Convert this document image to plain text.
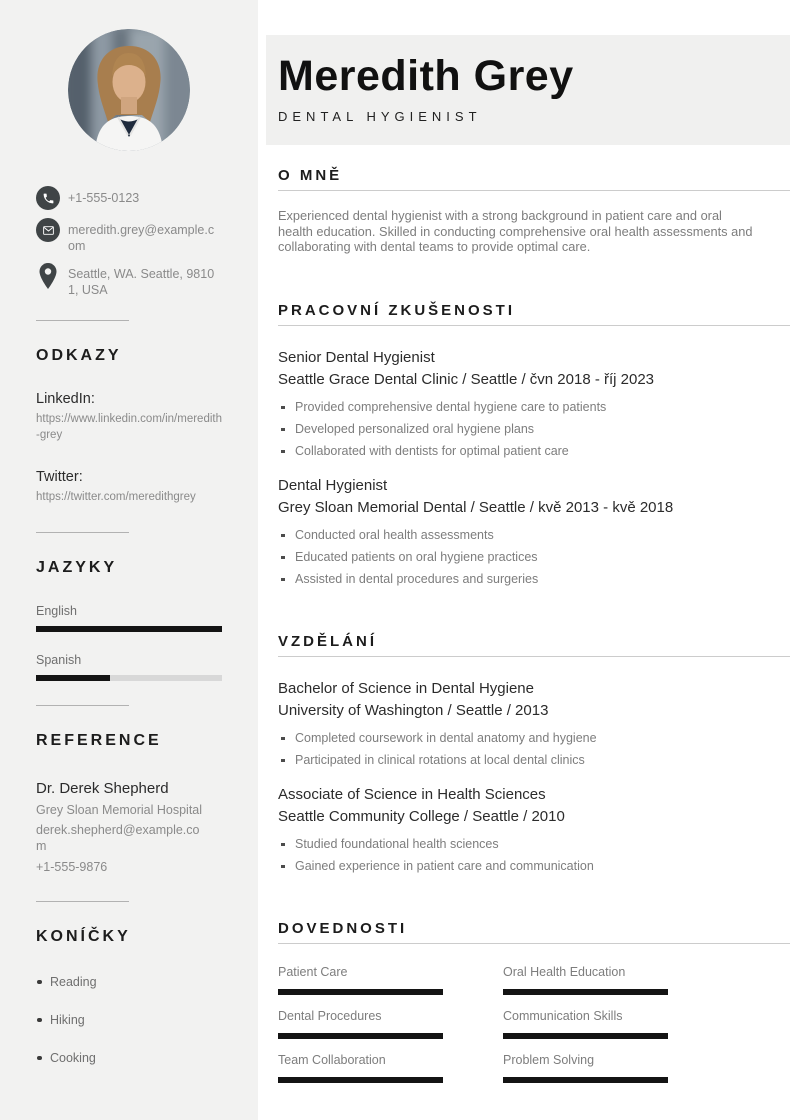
+1-555-0123
meredith.grey@example.com
Seattle, WA. Seattle, 98101, USA
ODKAZY
LinkedIn:
https://www.linkedin.com/in/meredith-grey
Twitter:
https://twitter.com/meredithgrey
JAZYKY
English
Spanish
REFERENCE
Dr. Derek Shepherd
Grey Sloan Memorial Hospital
derek.shepherd@example.com
+1-555-9876
KONÍČKY
Reading
Hiking
Cooking
Meredith Grey
DENTAL HYGIENIST
O MNĚ

Experienced dental hygienist with a strong background in patient care and oral health education. Skilled in conducting comprehensive oral health assessments and collaborating with dental teams to provide optimal care.

PRACOVNÍ ZKUŠENOSTI
Senior Dental Hygienist
Seattle Grace Dental Clinic / Seattle / čvn 2018 - říj 2023
Provided comprehensive dental hygiene care to patients
Developed personalized oral hygiene plans
Collaborated with dentists for optimal patient care
Dental Hygienist
Grey Sloan Memorial Dental / Seattle / kvě 2013 - kvě 2018
Conducted oral health assessments
Educated patients on oral hygiene practices
Assisted in dental procedures and surgeries
VZDĚLÁNÍ
Bachelor of Science in Dental Hygiene
University of Washington / Seattle / 2013
Completed coursework in dental anatomy and hygiene
Participated in clinical rotations at local dental clinics
Associate of Science in Health Sciences
Seattle Community College / Seattle / 2010
Studied foundational health sciences
Gained experience in patient care and communication
DOVEDNOSTI
Patient Care	Oral Health Education
Dental Procedures	Communication Skills
Team Collaboration	Problem Solving
